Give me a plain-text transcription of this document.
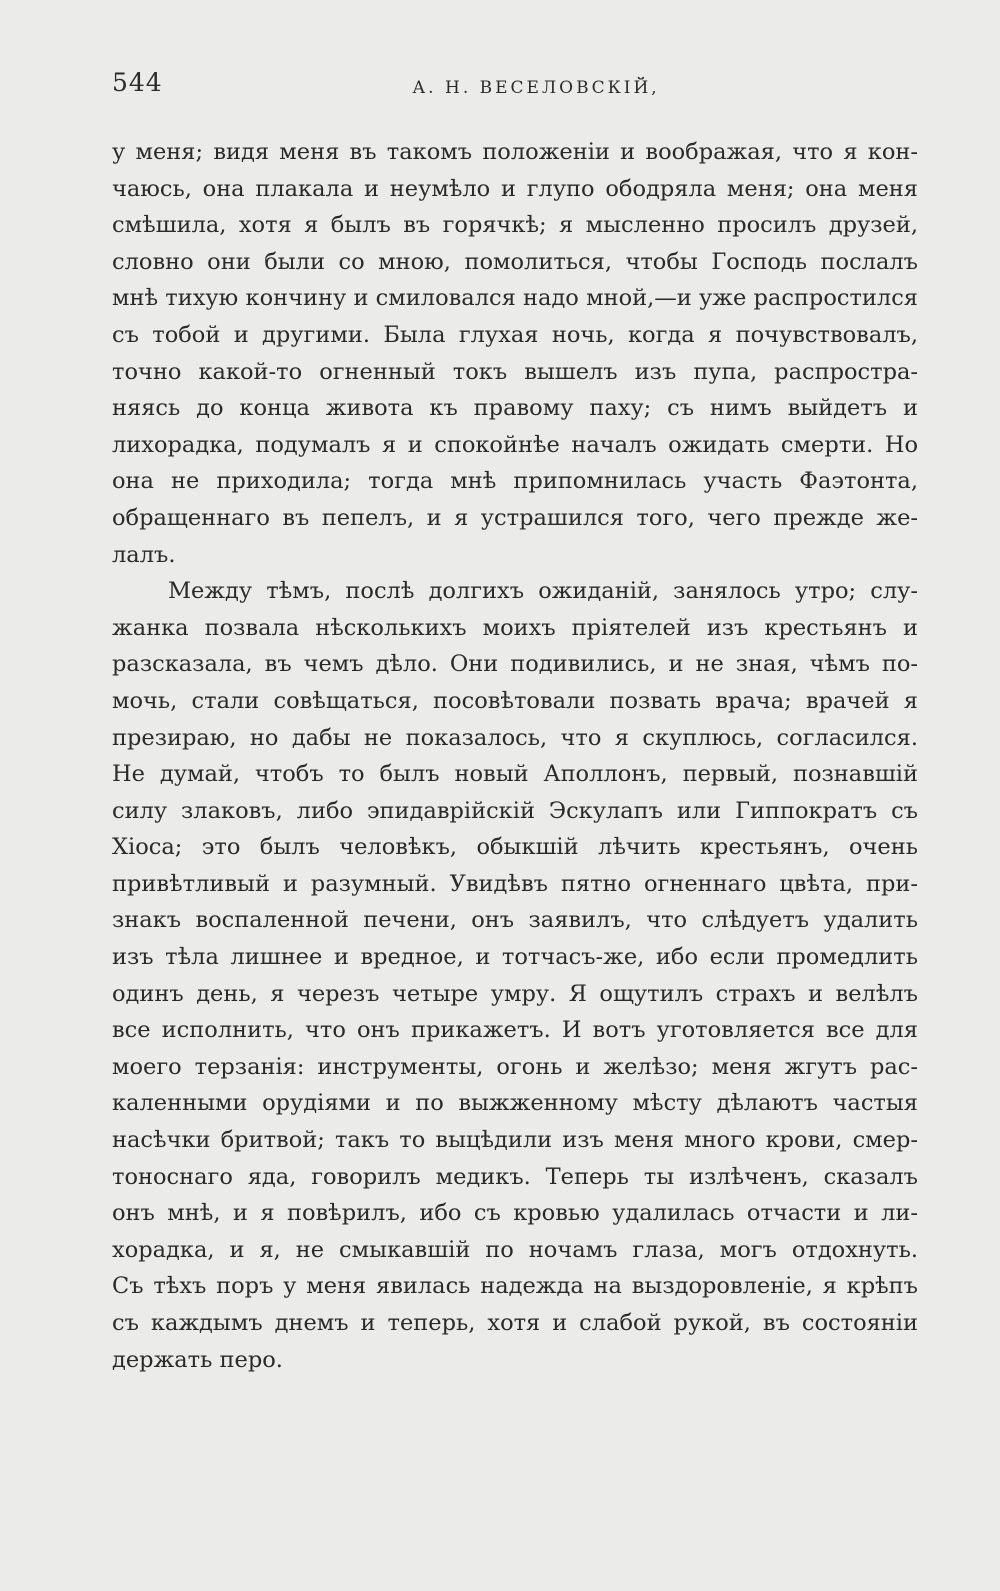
544	А. Н. ВЕСЕЛОВСКІЙ,
у меня; видя меня въ такомъ положеніи и воображая, что я кон-
чаюсь, она плакала и неумѣло и глупо ободряла меня; она меня
смѣшила, хотя я былъ въ горячкѣ; я мысленно просилъ друзей,
словно они были со мною, помолиться, чтобы Господь послалъ
мнѣ тихую кончину и смиловался надо мной,—и уже распростился
съ тобой и другими. Была глухая ночь, когда я почувствовалъ,
точно какой-то огненный токъ вышелъ изъ пупа, распростра-
няясь до конца живота къ правому паху; съ нимъ выйдетъ и
лихорадка, подумалъ я и спокойнѣе началъ ожидать смерти. Но
она не приходила; тогда мнѣ припомнилась участь Фаэтонта,
обращеннаго въ пепелъ, и я устрашился того, чего прежде же-
лалъ.
Между тѣмъ, послѣ долгихъ ожиданій, занялось утро; слу-
жанка позвала нѣсколькихъ моихъ пріятелей изъ крестьянъ и
разсказала, въ чемъ дѣло. Они подивились, и не зная, чѣмъ по-
мочь, стали совѣщаться, посовѣтовали позвать врача; врачей я
презираю, но дабы не показалось, что я скуплюсь, согласился.
Не думай, чтобъ то былъ новый Аполлонъ, первый, познавшій
силу злаковъ, либо эпидаврійскій Эскулапъ или Гиппократъ съ
Хіоса; это былъ человѣкъ, обыкшій лѣчить крестьянъ, очень
привѣтливый и разумный. Увидѣвъ пятно огненнаго цвѣта, при-
знакъ воспаленной печени, онъ заявилъ, что слѣдуетъ удалить
изъ тѣла лишнее и вредное, и тотчасъ-же, ибо если промедлить
одинъ день, я черезъ четыре умру. Я ощутилъ страхъ и велѣлъ
все исполнить, что онъ прикажетъ. И вотъ уготовляется все для
моего терзанія: инструменты, огонь и желѣзо; меня жгутъ рас-
каленными орудіями и по выжженному мѣсту дѣлаютъ частыя
насѣчки бритвой; такъ то выцѣдили изъ меня много крови, смер-
тоноснаго яда, говорилъ медикъ. Теперь ты излѣченъ, сказалъ
онъ мнѣ, и я повѣрилъ, ибо съ кровью удалилась отчасти и ли-
хорадка, и я, не смыкавшій по ночамъ глаза, могъ отдохнуть.
Съ тѣхъ поръ у меня явилась надежда на выздоровленіе, я крѣпъ
съ каждымъ днемъ и теперь, хотя и слабой рукой, въ состояніи
держать перо.
